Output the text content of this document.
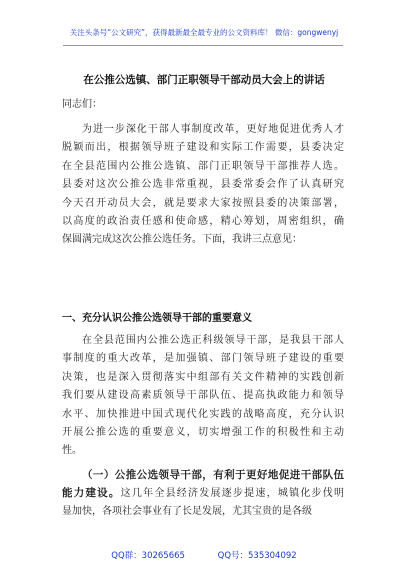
关注头条号“公文研究”，获得最新最全最专业的公文资料库！ 微信：gongwenyj
在公推公选镇、部门正职领导干部动员大会上的讲话
同志们：
为进一步深化干部人事制度改革，更好地促进优秀人才
脱颖而出，根据领导班子建设和实际工作需要，县委决定
在全县范围内公推公选镇、部门正职领导干部推荐人选。
县委对这次公推公选非常重视，县委常委会作了认真研究
今天召开动员大会，就是要求大家按照县委的决策部署，
以高度的政治责任感和使命感，精心筹划，周密组织，确
保圆满完成这次公推公选任务。下面，我讲三点意见：
一、充分认识公推公选领导干部的重要意义
在全县范围内公推公选正科级领导干部，是我县干部人
事制度的重大改革，是加强镇、部门领导班子建设的重要
决策，也是深入贯彻落实中组部有关文件精神的实践创新
我们要从建设高素质领导干部队伍、提高执政能力和领导
水平、加快推进中国式现代化实践的战略高度，充分认识
开展公推公选的重要意义，切实增强工作的积极性和主动
性。
（一）公推公选领导干部，有利于更好地促进干部队伍
能力建设。这几年全县经济发展逐步提速，城镇化步伐明
显加快，各项社会事业有了长足发展，尤其宝贵的是各级
QQ群：30265665	QQ号：535304092
